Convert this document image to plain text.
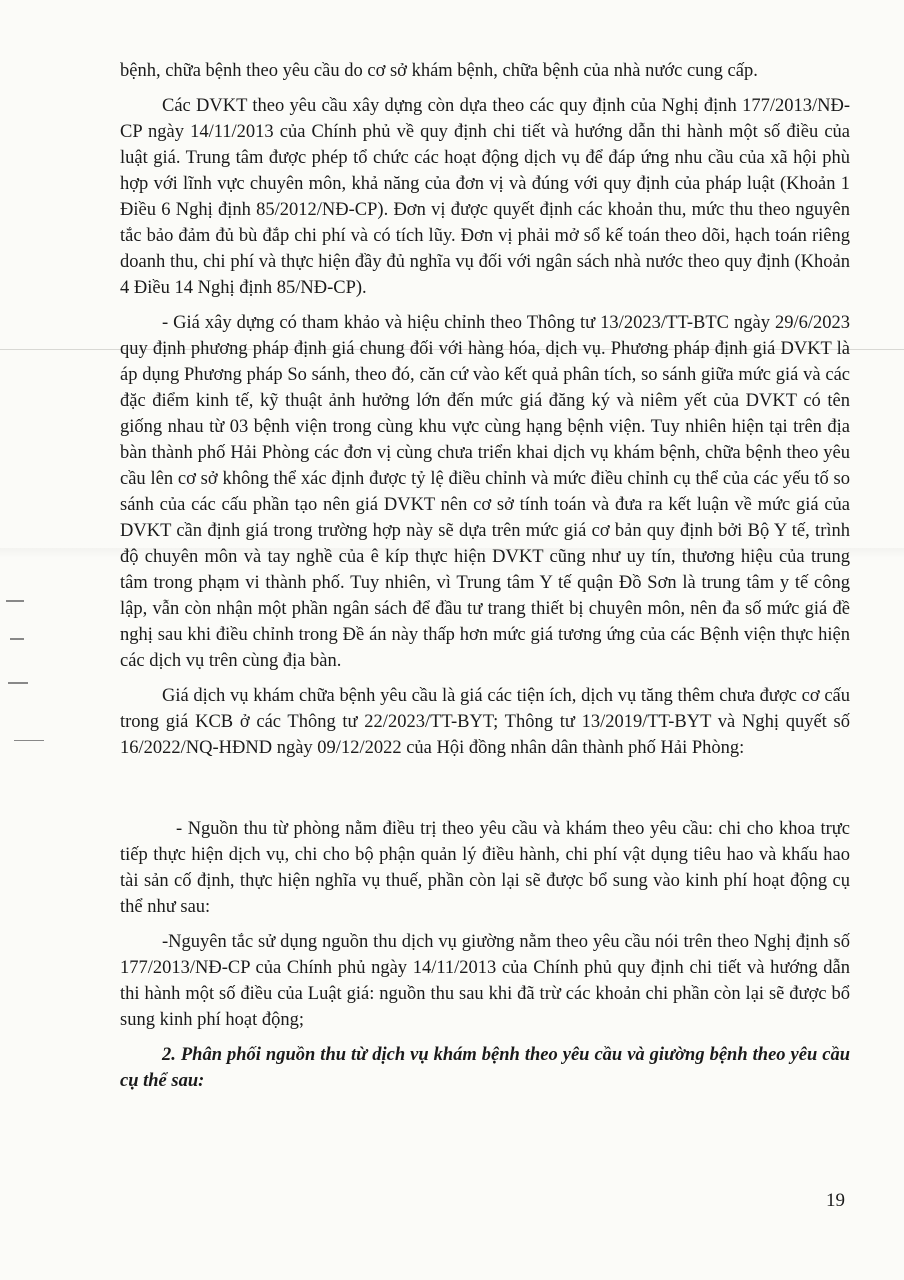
bệnh, chữa bệnh theo yêu cầu do cơ sở khám bệnh, chữa bệnh của nhà nước cung cấp.

Các DVKT theo yêu cầu xây dựng còn dựa theo các quy định của Nghị định 177/2013/NĐ-CP ngày 14/11/2013 của Chính phủ về quy định chi tiết và hướng dẫn thi hành một số điều của luật giá. Trung tâm được phép tổ chức các hoạt động dịch vụ để đáp ứng nhu cầu của xã hội phù hợp với lĩnh vực chuyên môn, khả năng của đơn vị và đúng với quy định của pháp luật (Khoản 1 Điều 6 Nghị định 85/2012/NĐ-CP). Đơn vị được quyết định các khoản thu, mức thu theo nguyên tắc bảo đảm đủ bù đắp chi phí và có tích lũy. Đơn vị phải mở sổ kế toán theo dõi, hạch toán riêng doanh thu, chi phí và thực hiện đầy đủ nghĩa vụ đối với ngân sách nhà nước theo quy định (Khoản 4 Điều 14 Nghị định 85/NĐ-CP).

- Giá xây dựng có tham khảo và hiệu chỉnh theo Thông tư 13/2023/TT-BTC ngày 29/6/2023 quy định phương pháp định giá chung đối với hàng hóa, dịch vụ. Phương pháp định giá DVKT là áp dụng Phương pháp So sánh, theo đó, căn cứ vào kết quả phân tích, so sánh giữa mức giá và các đặc điểm kinh tế, kỹ thuật ảnh hưởng lớn đến mức giá đăng ký và niêm yết của DVKT có tên giống nhau từ 03 bệnh viện trong cùng khu vực cùng hạng bệnh viện. Tuy nhiên hiện tại trên địa bàn thành phố Hải Phòng các đơn vị cùng chưa triển khai dịch vụ khám bệnh, chữa bệnh theo yêu cầu lên cơ sở không thể xác định được tỷ lệ điều chỉnh và mức điều chỉnh cụ thể của các yếu tố so sánh của các cấu phần tạo nên giá DVKT nên cơ sở tính toán và đưa ra kết luận về mức giá của DVKT cần định giá trong trường hợp này sẽ dựa trên mức giá cơ bản quy định bởi Bộ Y tế, trình độ chuyên môn và tay nghề của ê kíp thực hiện DVKT cũng như uy tín, thương hiệu của trung tâm trong phạm vi thành phố. Tuy nhiên, vì Trung tâm Y tế quận Đồ Sơn là trung tâm y tế công lập, vẫn còn nhận một phần ngân sách để đầu tư trang thiết bị chuyên môn, nên đa số mức giá đề nghị sau khi điều chỉnh trong Đề án này thấp hơn mức giá tương ứng của các Bệnh viện thực hiện các dịch vụ trên cùng địa bàn.

Giá dịch vụ khám chữa bệnh yêu cầu là giá các tiện ích, dịch vụ tăng thêm chưa được cơ cấu trong giá KCB ở các Thông tư 22/2023/TT-BYT; Thông tư 13/2019/TT-BYT và Nghị quyết số 16/2022/NQ-HĐND ngày 09/12/2022 của Hội đồng nhân dân thành phố Hải Phòng:

- Nguồn thu từ phòng nằm điều trị theo yêu cầu và khám theo yêu cầu: chi cho khoa trực tiếp thực hiện dịch vụ, chi cho bộ phận quản lý điều hành, chi phí vật dụng tiêu hao và khấu hao tài sản cố định, thực hiện nghĩa vụ thuế, phần còn lại sẽ được bổ sung vào kinh phí hoạt động cụ thể như sau:

-Nguyên tắc sử dụng nguồn thu dịch vụ giường nằm theo yêu cầu nói trên theo Nghị định số 177/2013/NĐ-CP của Chính phủ ngày 14/11/2013 của Chính phủ quy định chi tiết và hướng dẫn thi hành một số điều của Luật giá: nguồn thu sau khi đã trừ các khoản chi phần còn lại sẽ được bổ sung kinh phí hoạt động;

2. Phân phối nguồn thu từ dịch vụ khám bệnh theo yêu cầu và giường bệnh theo yêu cầu cụ thể sau:

19
